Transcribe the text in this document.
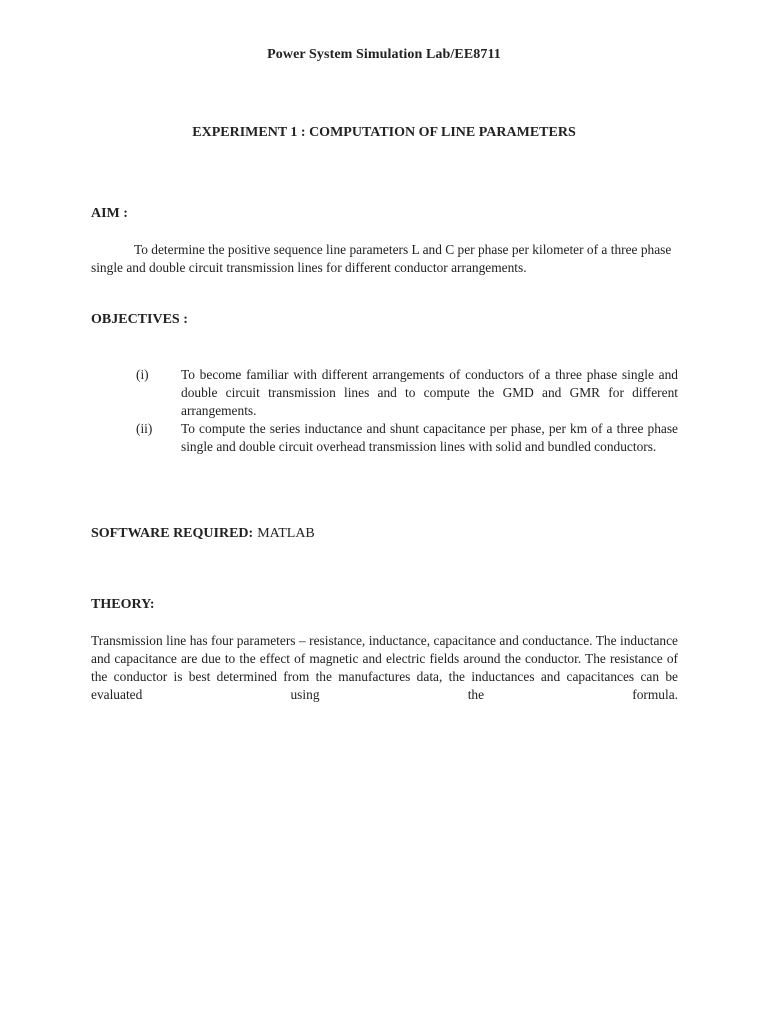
Power System Simulation Lab/EE8711
EXPERIMENT 1 : COMPUTATION OF LINE PARAMETERS
AIM :
To determine the positive sequence line parameters L and C per phase per kilometer of a three phase single and double circuit transmission lines for different conductor arrangements.
OBJECTIVES :
(i)	To become familiar with different arrangements of conductors of a three phase single and double circuit transmission lines and to compute the GMD and GMR for different arrangements.
(ii)	To compute the series inductance and shunt capacitance per phase, per km of a three phase single and double circuit overhead transmission lines with solid and bundled conductors.
SOFTWARE REQUIRED: MATLAB
THEORY:
Transmission line has four parameters – resistance, inductance, capacitance and conductance. The inductance and capacitance are due to the effect of magnetic and electric fields around the conductor. The resistance of the conductor is best determined from the manufactures data, the inductances and capacitances can be evaluated using the formula.
